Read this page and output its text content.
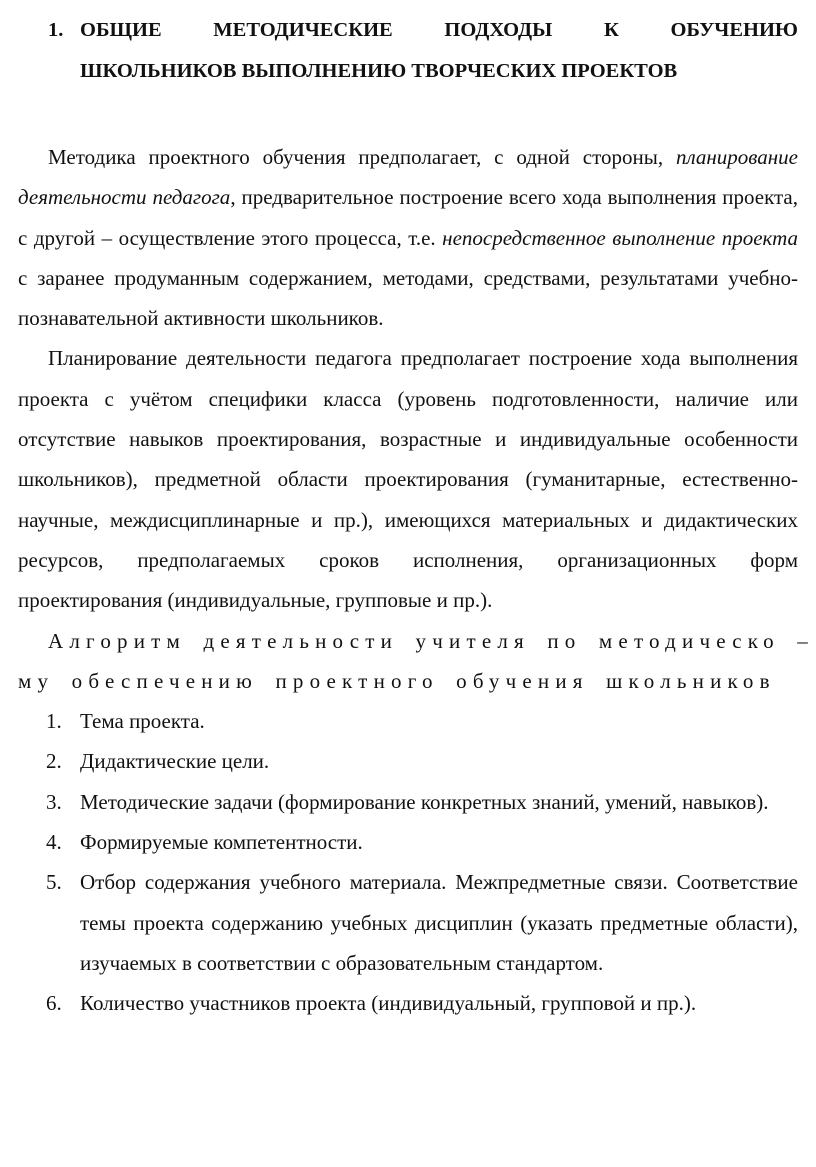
1. ОБЩИЕ МЕТОДИЧЕСКИЕ ПОДХОДЫ К ОБУЧЕНИЮ
ШКОЛЬНИКОВ ВЫПОЛНЕНИЮ ТВОРЧЕСКИХ ПРОЕКТОВ

Методика проектного обучения предполагает, с одной стороны, планирование деятельности педагога, предварительное построение всего хода выполнения проекта, с другой – осуществление этого процесса, т.е. непосредственное выполнение проекта с заранее продуманным содержанием, методами, средствами, результатами учебно-познавательной активности школьников.

Планирование деятельности педагога предполагает построение хода выполнения проекта с учётом специфики класса (уровень подготовленности, наличие или отсутствие навыков проектирования, возрастные и индивидуальные особенности школьников), предметной области проектирования (гуманитарные, естественно-научные, междисциплинарные и пр.), имеющихся материальных и дидактических ресурсов, предполагаемых сроков исполнения, организационных форм проектирования (индивидуальные, групповые и пр.).

Алгоритм деятельности учителя по методическо –
му обеспечению проектного обучения школьников
1. Тема проекта.
2. Дидактические цели.
3. Методические задачи (формирование конкретных знаний, умений, навыков).
4. Формируемые компетентности.
5. Отбор содержания учебного материала. Межпредметные связи. Соответствие темы проекта содержанию учебных дисциплин (указать предметные области), изучаемых в соответствии с образовательным стандартом.
6. Количество участников проекта (индивидуальный, групповой и пр.).
